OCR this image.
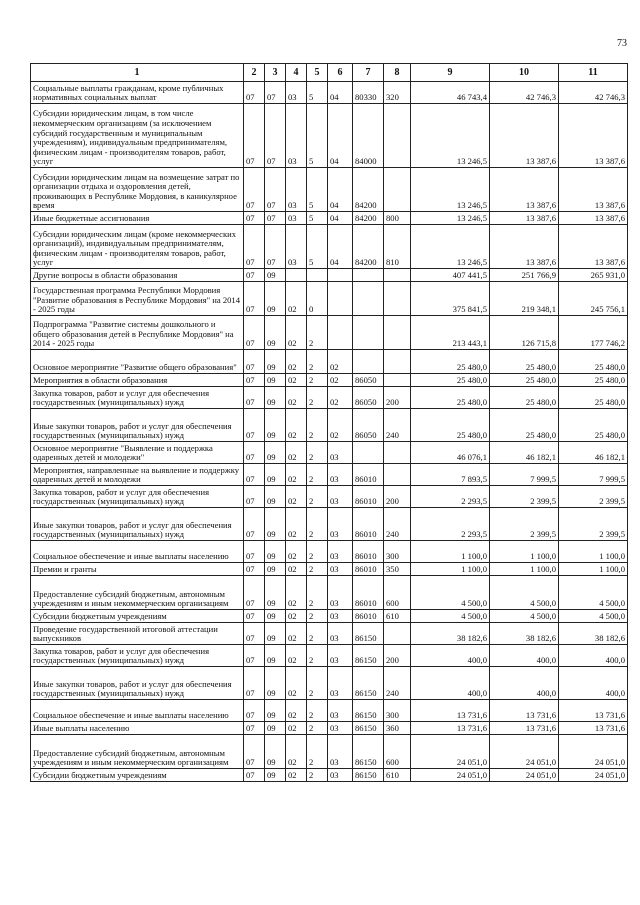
73
1	2	3	4	5	6	7	8	9	10	11
Социальные выплаты гражданам, кроме публичных нормативных социальных выплат	07	07	03	5	04	80330	320	46 743,4	42 746,3	42 746,3
Субсидии юридическим лицам, в том числе некоммерческим организациям (за исключением субсидий государственным и муниципальным учреждениям), индивидуальным предпринимателям, физическим лицам - производителям товаров, работ, услуг	07	07	03	5	04	84000		13 246,5	13 387,6	13 387,6
Субсидии юридическим лицам на возмещение затрат по организации отдыха и оздоровления детей, проживающих в Республике Мордовия, в каникулярное время	07	07	03	5	04	84200		13 246,5	13 387,6	13 387,6
Иные бюджетные ассигнования	07	07	03	5	04	84200	800	13 246,5	13 387,6	13 387,6
Субсидии юридическим лицам (кроме некоммерческих организаций), индивидуальным предпринимателям, физическим лицам - производителям товаров, работ, услуг	07	07	03	5	04	84200	810	13 246,5	13 387,6	13 387,6
Другие вопросы в области образования	07	09						407 441,5	251 766,9	265 931,0
Государственная программа Республики Мордовия "Развитие образования в Республике Мордовия" на 2014 - 2025 годы	07	09	02	0				375 841,5	219 348,1	245 756,1
Подпрограмма "Развитие системы дошкольного и общего образования детей в Республике Мордовия" на 2014 - 2025 годы	07	09	02	2				213 443,1	126 715,8	177 746,2
Основное мероприятие "Развитие общего образования"	07	09	02	2	02			25 480,0	25 480,0	25 480,0
Мероприятия в области образования	07	09	02	2	02	86050		25 480,0	25 480,0	25 480,0
Закупка товаров, работ и услуг для обеспечения государственных (муниципальных) нужд	07	09	02	2	02	86050	200	25 480,0	25 480,0	25 480,0
Иные закупки товаров, работ и услуг для обеспечения государственных (муниципальных) нужд	07	09	02	2	02	86050	240	25 480,0	25 480,0	25 480,0
Основное мероприятие "Выявление и поддержка одаренных детей и молодежи"	07	09	02	2	03			46 076,1	46 182,1	46 182,1
Мероприятия, направленные на выявление и поддержку одаренных детей и молодежи	07	09	02	2	03	86010		7 893,5	7 999,5	7 999,5
Закупка товаров, работ и услуг для обеспечения государственных (муниципальных) нужд	07	09	02	2	03	86010	200	2 293,5	2 399,5	2 399,5
Иные закупки товаров, работ и услуг для обеспечения государственных (муниципальных) нужд	07	09	02	2	03	86010	240	2 293,5	2 399,5	2 399,5
Социальное обеспечение и иные выплаты населению	07	09	02	2	03	86010	300	1 100,0	1 100,0	1 100,0
Премии и гранты	07	09	02	2	03	86010	350	1 100,0	1 100,0	1 100,0
Предоставление субсидий бюджетным, автономным учреждениям и иным некоммерческим организациям	07	09	02	2	03	86010	600	4 500,0	4 500,0	4 500,0
Субсидии бюджетным учреждениям	07	09	02	2	03	86010	610	4 500,0	4 500,0	4 500,0
Проведение государственной итоговой аттестации выпускников	07	09	02	2	03	86150		38 182,6	38 182,6	38 182,6
Закупка товаров, работ и услуг для обеспечения государственных (муниципальных) нужд	07	09	02	2	03	86150	200	400,0	400,0	400,0
Иные закупки товаров, работ и услуг для обеспечения государственных (муниципальных) нужд	07	09	02	2	03	86150	240	400,0	400,0	400,0
Социальное обеспечение и иные выплаты населению	07	09	02	2	03	86150	300	13 731,6	13 731,6	13 731,6
Иные выплаты населению	07	09	02	2	03	86150	360	13 731,6	13 731,6	13 731,6
Предоставление субсидий бюджетным, автономным учреждениям и иным некоммерческим организациям	07	09	02	2	03	86150	600	24 051,0	24 051,0	24 051,0
Субсидии бюджетным учреждениям	07	09	02	2	03	86150	610	24 051,0	24 051,0	24 051,0
